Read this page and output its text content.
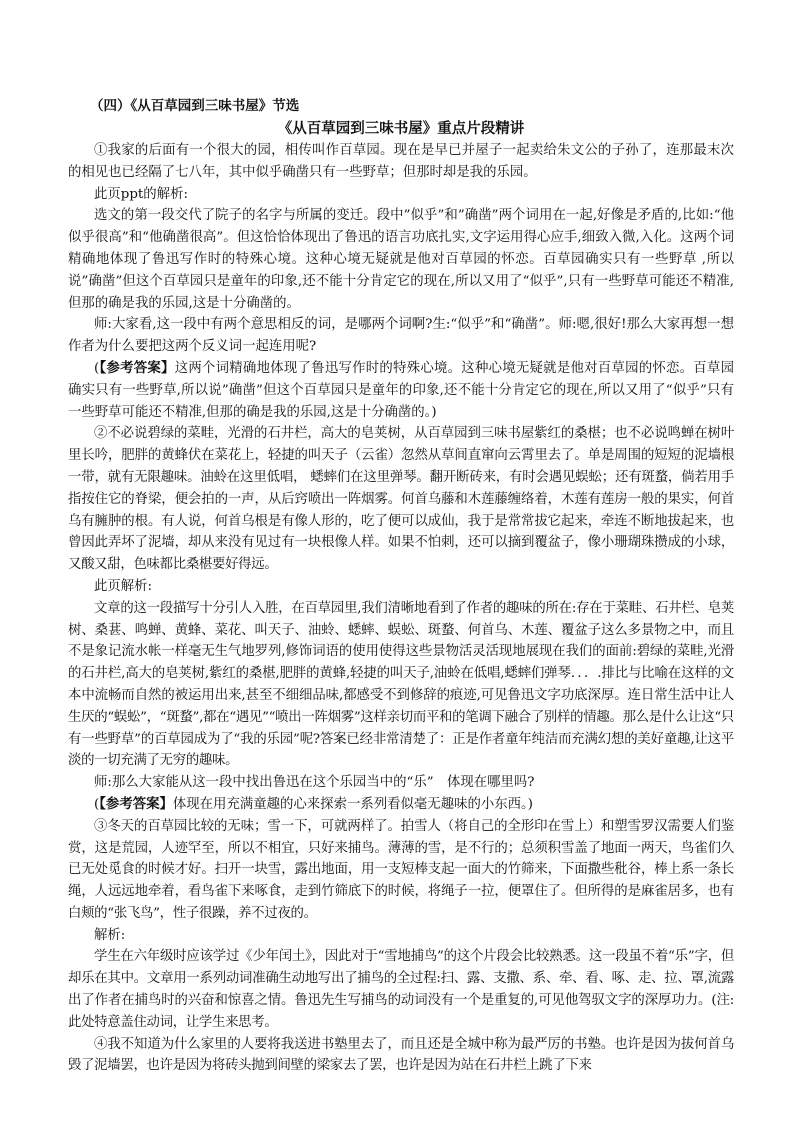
（四）《从百草园到三味书屋》节选
《从百草园到三味书屋》重点片段精讲

①我家的后面有一个很大的园，相传叫作百草园。现在是早已并屋子一起卖给朱文公的子孙了，连那最末次的相见也已经隔了七八年，其中似乎确凿只有一些野草；但那时却是我的乐园。

此页ppt的解析:

选文的第一段交代了院子的名字与所属的变迁。段中”似乎”和”确凿”两个词用在一起,好像是矛盾的,比如:“他似乎很高”和“他确凿很高”。但这恰恰体现出了鲁迅的语言功底扎实,文字运用得心应手,细致入微,入化。这两个词精确地体现了鲁迅写作时的特殊心境。这种心境无疑就是他对百草园的怀恋。百草园确实只有一些野草 ,所以说”确凿”但这个百草园只是童年的印象,还不能十分肯定它的现在,所以又用了“似乎”,只有一些野草可能还不精准,但那的确是我的乐园,这是十分确凿的。

师:大家看,这一段中有两个意思相反的词，是哪两个词啊?生:“似乎”和“确凿”。师:嗯,很好!那么大家再想一想作者为什么要把这两个反义词一起连用呢?

(【参考答案】这两个词精确地体现了鲁迅写作时的特殊心境。这种心境无疑就是他对百草园的怀恋。百草园确实只有一些野草,所以说”确凿”但这个百草园只是童年的印象,还不能十分肯定它的现在,所以又用了“似乎”只有一些野草可能还不精准,但那的确是我的乐园,这是十分确凿的。)

②不必说碧绿的菜畦，光滑的石井栏，高大的皂荚树，从百草园到三味书屋紫红的桑椹；也不必说鸣蝉在树叶里长吟，肥胖的黄蜂伏在菜花上，轻捷的叫天子（云雀）忽然从草间直窜向云霄里去了。单是周围的短短的泥墙根一带，就有无限趣味。油蛉在这里低唱， 蟋蟀们在这里弹琴。翻开断砖来，有时会遇见蜈蚣；还有斑蝥，倘若用手指按住它的脊梁，便会拍的一声，从后窍喷出一阵烟雾。何首乌藤和木莲藤缠络着，木莲有莲房一般的果实，何首乌有臃肿的根。有人说，何首乌根是有像人形的，吃了便可以成仙，我于是常常拔它起来，牵连不断地拔起来，也曾因此弄坏了泥墙，却从来没有见过有一块根像人样。如果不怕刺，还可以摘到覆盆子，像小珊瑚珠攒成的小球，又酸又甜，色味都比桑椹要好得远。

此页解析:

文章的这一段描写十分引人入胜，在百草园里,我们清晰地看到了作者的趣味的所在:存在于菜畦、石井栏、皂荚树、桑葚、鸣蝉、黄蜂、菜花、叫天子、油蛉、蟋蟀、蜈蚣、斑蝥、何首乌、木莲、覆盆子这么多景物之中，而且不是象记流水帐一样毫无生气地罗列,修饰词语的使用使得这些景物活灵活现地展现在我们的面前:碧绿的菜畦,光滑的石井栏,高大的皂荚树,紫红的桑椹,肥胖的黄蜂,轻捷的叫天子,油蛉在低唱,蟋蟀们弹琴．．．.排比与比喻在这样的文本中流畅而自然的被运用出来,甚至不细细品味,都感受不到修辞的痕迹,可见鲁迅文字功底深厚。连日常生活中让人生厌的“蜈蚣”，“斑蝥”,都在“遇见”“喷出一阵烟雾”这样亲切而平和的笔调下融合了别样的情趣。那么是什么让这“只有一些野草”的百草园成为了“我的乐园”呢?答案已经非常清楚了：正是作者童年纯洁而充满幻想的美好童趣,让这平淡的一切充满了无穷的趣味。

师:那么大家能从这一段中找出鲁迅在这个乐园当中的“乐”　体现在哪里吗?

(【参考答案】体现在用充满童趣的心来探索一系列看似毫无趣味的小东西。)

③冬天的百草园比较的无味；雪一下，可就两样了。拍雪人（将自己的全形印在雪上）和塑雪罗汉需要人们鉴赏，这是荒园，人迹罕至，所以不相宜，只好来捕鸟。薄薄的雪，是不行的；总须积雪盖了地面一两天，鸟雀们久已无处觅食的时候才好。扫开一块雪，露出地面，用一支短棒支起一面大的竹筛来，下面撒些秕谷，棒上系一条长绳，人远远地牵着，看鸟雀下来啄食，走到竹筛底下的时候，将绳子一拉，便罩住了。但所得的是麻雀居多，也有白颊的“张飞鸟”，性子很躁，养不过夜的。

解析:

学生在六年级时应该学过《少年闰土》，因此对于“雪地捕鸟”的这个片段会比较熟悉。这一段虽不着“乐”字，但却乐在其中。文章用一系列动词准确生动地写出了捕鸟的全过程:扫、露、支撒、系、牵、看、啄、走、拉、罩,流露出了作者在捕鸟时的兴奋和惊喜之情。鲁迅先生写捕鸟的动词没有一个是重复的,可见他驾驭文字的深厚功力。(注:此处特意盖住动词，让学生来思考。

④我不知道为什么家里的人要将我送进书塾里去了，而且还是全城中称为最严厉的书塾。也许是因为拔何首乌毁了泥墙罢，也许是因为将砖头抛到间壁的梁家去了罢，也许是因为站在石井栏上跳了下来
